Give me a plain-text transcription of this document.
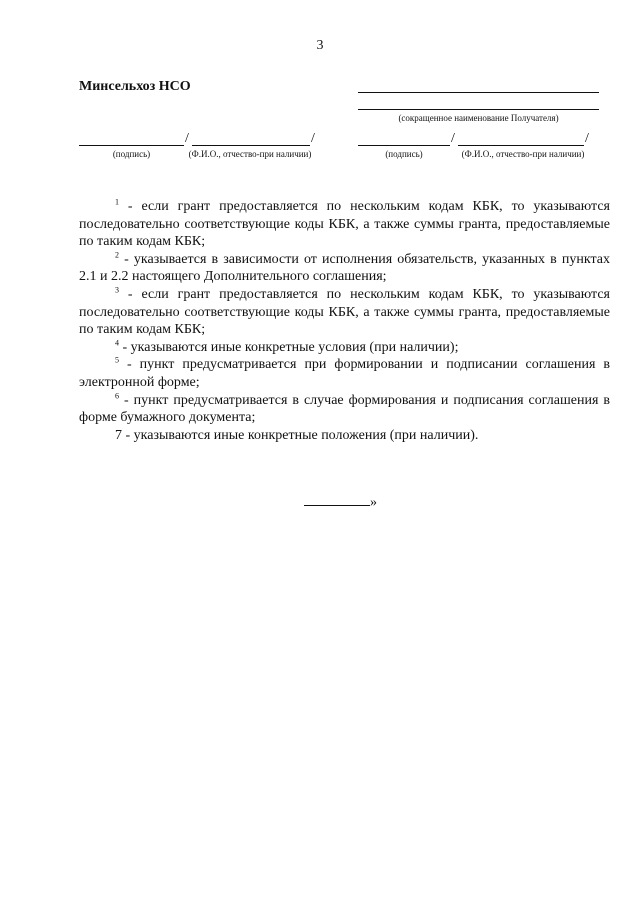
3
Минсельхоз НСО
(сокращенное наименование Получателя)
/	/
(подпись)	(Ф.И.О., отчество-при наличии)
/	/
(подпись)	(Ф.И.О., отчество-при наличии)

$^1$ - если грант предоставляется по нескольким кодам КБК, то указываются последовательно соответствующие коды КБК, а также суммы гранта, предоставляемые по таким кодам КБК;

$^2$ - указывается в зависимости от исполнения обязательств, указанных в пунктах 2.1 и 2.2 настоящего Дополнительного соглашения;

$^3$ - если грант предоставляется по нескольким кодам КБК, то указываются последовательно соответствующие коды КБК, а также суммы гранта, предоставляемые по таким кодам КБК;

$^4$ - указываются иные конкретные условия (при наличии);

$^5$ - пункт предусматривается при формировании и подписании соглашения в электронной форме;

$^6$ - пункт предусматривается в случае формирования и подписания соглашения в форме бумажного документа;

7 - указываются иные конкретные положения (при наличии).

»
